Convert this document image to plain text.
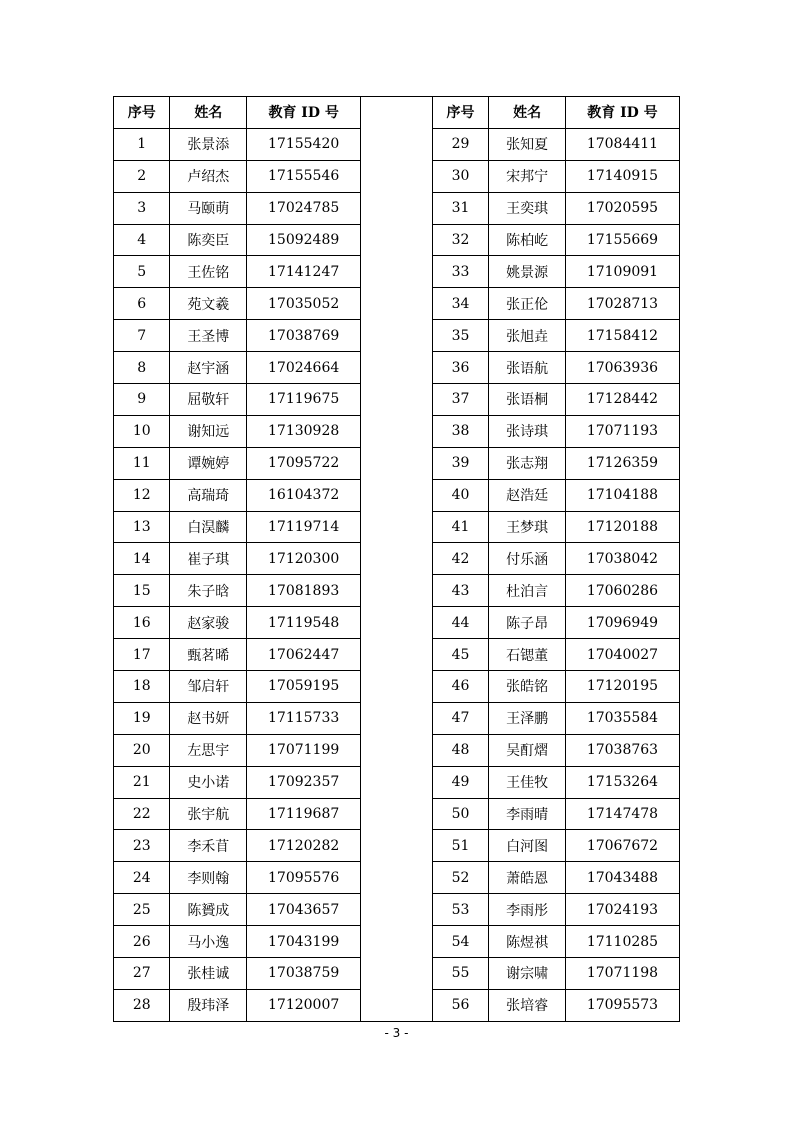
序号	姓名	教育 ID 号		序号	姓名	教育 ID 号
1	张景添	17155420		29	张知夏	17084411
2	卢绍杰	17155546		30	宋邦宁	17140915
3	马颐萌	17024785		31	王奕琪	17020595
4	陈奕臣	15092489		32	陈柏屹	17155669
5	王佐铭	17141247		33	姚景源	17109091
6	苑文羲	17035052		34	张正伦	17028713
7	王圣博	17038769		35	张旭垚	17158412
8	赵宇涵	17024664		36	张语航	17063936
9	屈敬轩	17119675		37	张语桐	17128442
10	谢知远	17130928		38	张诗琪	17071193
11	谭婉婷	17095722		39	张志翔	17126359
12	高瑞琦	16104372		40	赵浩廷	17104188
13	白淏麟	17119714		41	王梦琪	17120188
14	崔子琪	17120300		42	付乐涵	17038042
15	朱子晗	17081893		43	杜泊言	17060286
16	赵家骏	17119548		44	陈子昂	17096949
17	甄茗晞	17062447		45	石锶董	17040027
18	邹启轩	17059195		46	张皓铭	17120195
19	赵书妍	17115733		47	王泽鹏	17035584
20	左思宇	17071199		48	吴酊熠	17038763
21	史小诺	17092357		49	王佳牧	17153264
22	张宇航	17119687		50	李雨晴	17147478
23	李禾苜	17120282		51	白河图	17067672
24	李则翰	17095576		52	萧皓恩	17043488
25	陈贇成	17043657		53	李雨彤	17024193
26	马小逸	17043199		54	陈煜祺	17110285
27	张桂诚	17038759		55	谢宗啸	17071198
28	殷玮泽	17120007		56	张培睿	17095573
- 3 -
